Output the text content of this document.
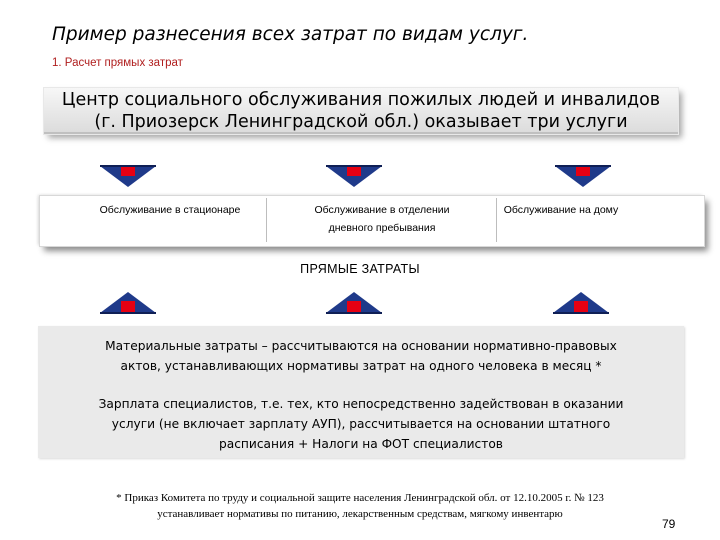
Пример разнесения всех затрат по видам услуг.
1. Расчет прямых затрат
Центр социального обслуживания пожилых людей и инвалидов
(г. Приозерск Ленинградской обл.) оказывает три услуги
Обслуживание в стационаре	Обслуживание в отделении
дневного пребывания
Обслуживание на дому
ПРЯМЫЕ ЗАТРАТЫ
Материальные затраты – рассчитываются на основании нормативно-правовых
актов, устанавливающих нормативы затрат на одного человека в месяц *
Зарплата специалистов, т.е. тех, кто непосредственно задействован в оказании
услуги (не включает зарплату АУП), рассчитывается на основании штатного
расписания + Налоги на ФОТ специалистов
* Приказ Комитета по труду и социальной защите населения Ленинградской обл. от 12.10.2005 г. № 123
устанавливает нормативы по питанию, лекарственным средствам, мягкому инвентарю
79
